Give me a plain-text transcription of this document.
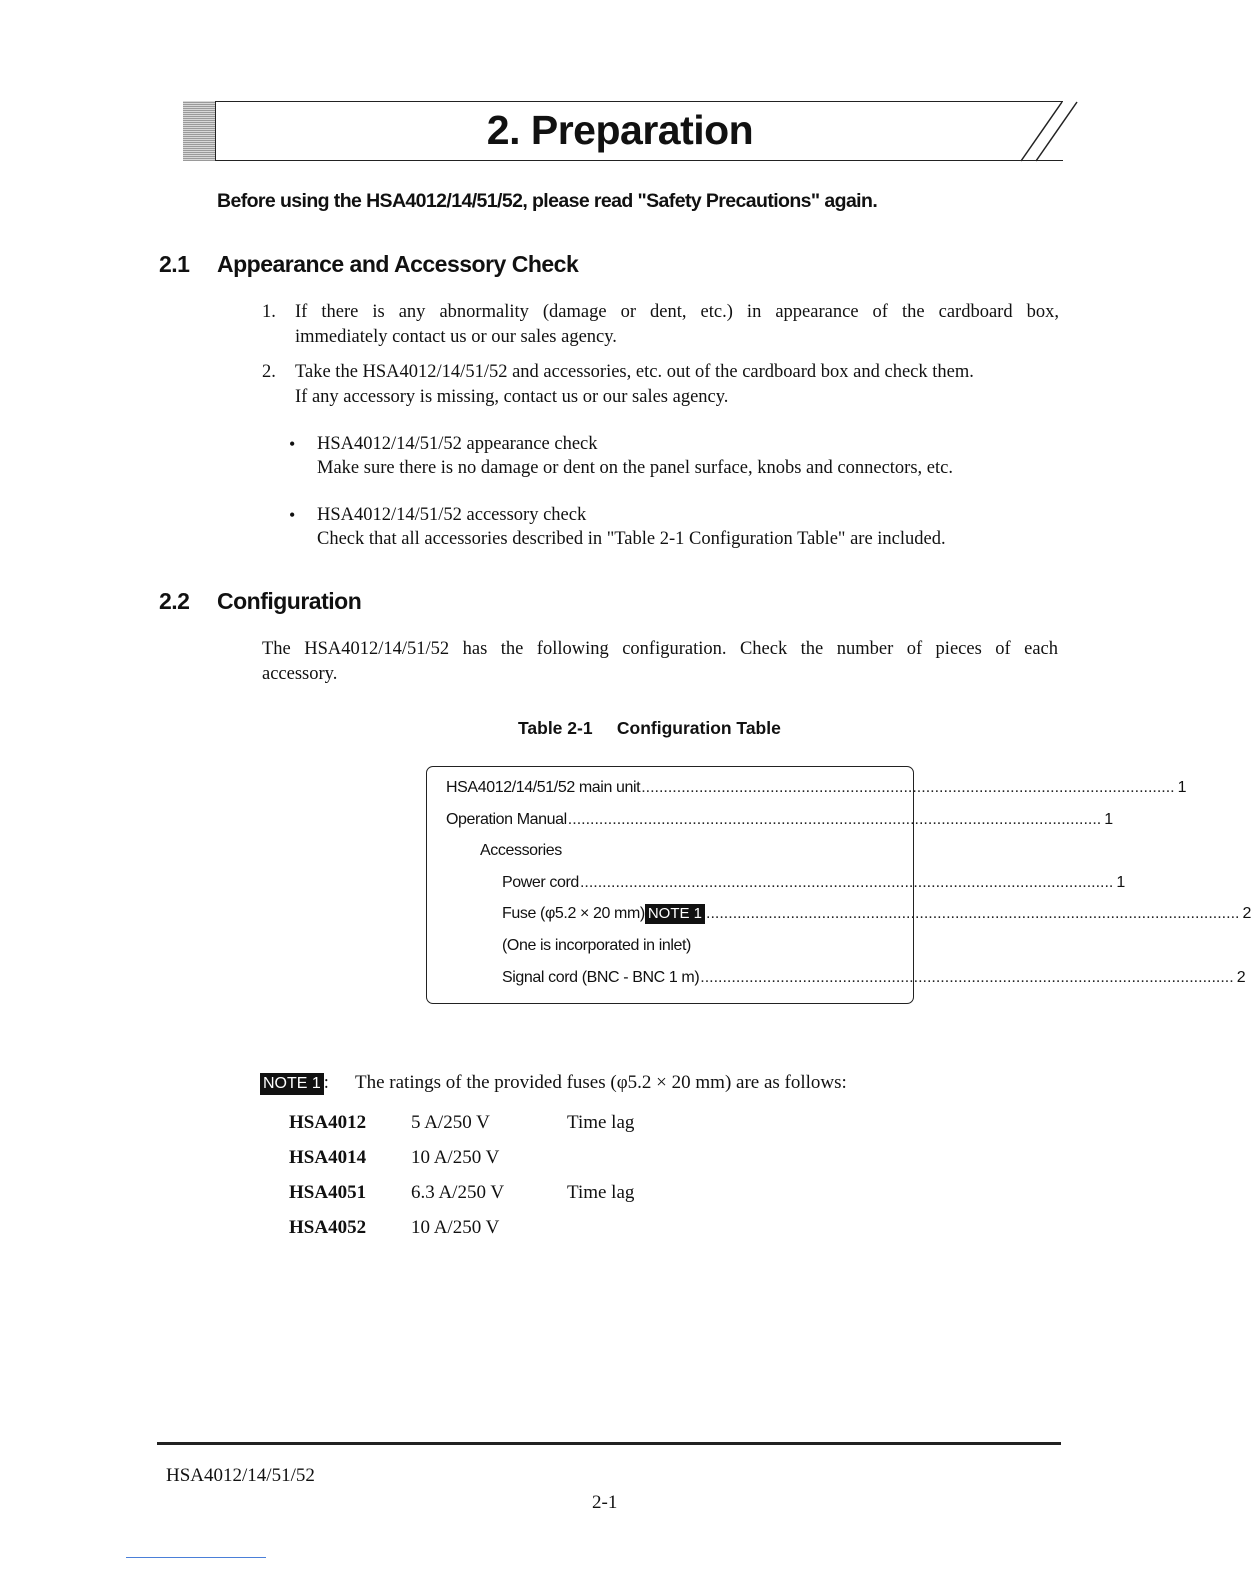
2. Preparation
Before using the HSA4012/14/51/52, please read "Safety Precautions" again.
2.1 Appearance and Accessory Check
1. If there is any abnormality (damage or dent, etc.) in appearance of the cardboard box,
immediately contact us or our sales agency.
2. Take the HSA4012/14/51/52 and accessories, etc. out of the cardboard box and check them.
If any accessory is missing, contact us or our sales agency.
• HSA4012/14/51/52 appearance check
Make sure there is no damage or dent on the panel surface, knobs and connectors, etc.
• HSA4012/14/51/52 accessory check
Check that all accessories described in "Table 2-1 Configuration Table" are included.
2.2 Configuration
The HSA4012/14/51/52 has the following configuration. Check the number of pieces of each
accessory.
Table 2-1     Configuration Table
HSA4012/14/51/52 main unit ........................................................................................................................ 1
Operation Manual ........................................................................................................................ 1
Accessories
Power cord ........................................................................................................................ 1
Fuse (φ5.2 × 20 mm) NOTE 1 ........................................................................................................................ 2
(One is incorporated in inlet)
Signal cord (BNC - BNC 1 m) ........................................................................................................................ 2
NOTE 1 : The ratings of the provided fuses (φ5.2 × 20 mm) are as follows:
HSA4012 5 A/250 V	Time lag
HSA4014 10 A/250 V
HSA4051 6.3 A/250 V	Time lag
HSA4052 10 A/250 V
HSA4012/14/51/52
2-1
